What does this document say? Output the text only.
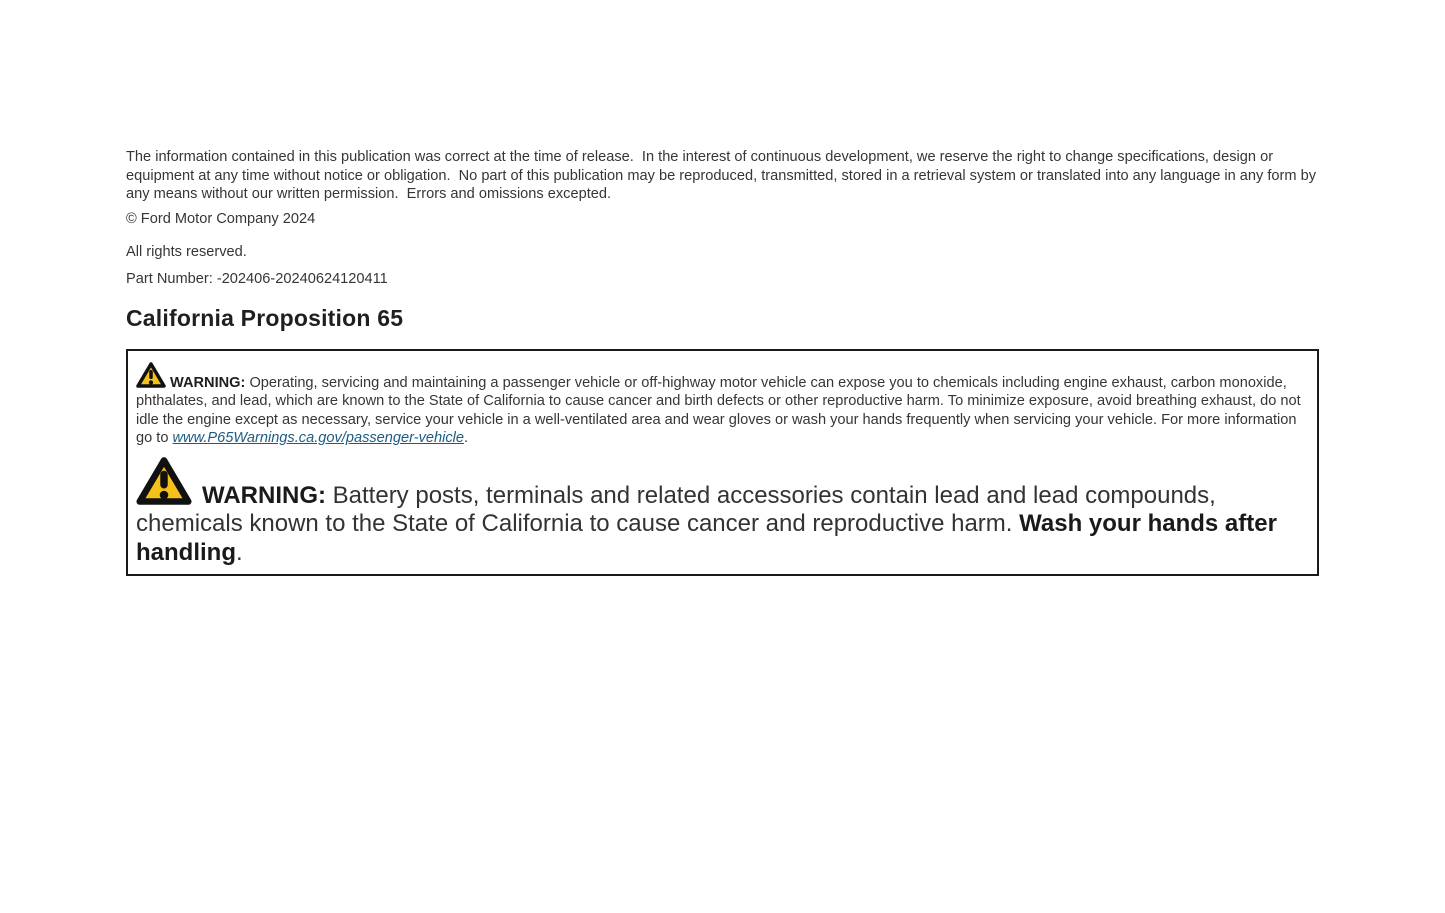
The information contained in this publication was correct at the time of release.  In the interest of continuous development, we reserve the right to change specifications, design or equipment at any time without notice or obligation.  No part of this publication may be reproduced, transmitted, stored in a retrieval system or translated into any language in any form by any means without our written permission.  Errors and omissions excepted.

© Ford Motor Company 2024

All rights reserved.

Part Number: -202406-20240624120411

California Proposition 65

WARNING: Operating, servicing and maintaining a passenger vehicle or off-highway motor vehicle can expose you to chemicals including engine exhaust, carbon monoxide, phthalates, and lead, which are known to the State of California to cause cancer and birth defects or other reproductive harm. To minimize exposure, avoid breathing exhaust, do not idle the engine except as necessary, service your vehicle in a well-ventilated area and wear gloves or wash your hands frequently when servicing your vehicle. For more information go to www.P65Warnings.ca.gov/passenger-vehicle.

WARNING: Battery posts, terminals and related accessories contain lead and lead compounds, chemicals known to the State of California to cause cancer and reproductive harm. Wash your hands after handling.
